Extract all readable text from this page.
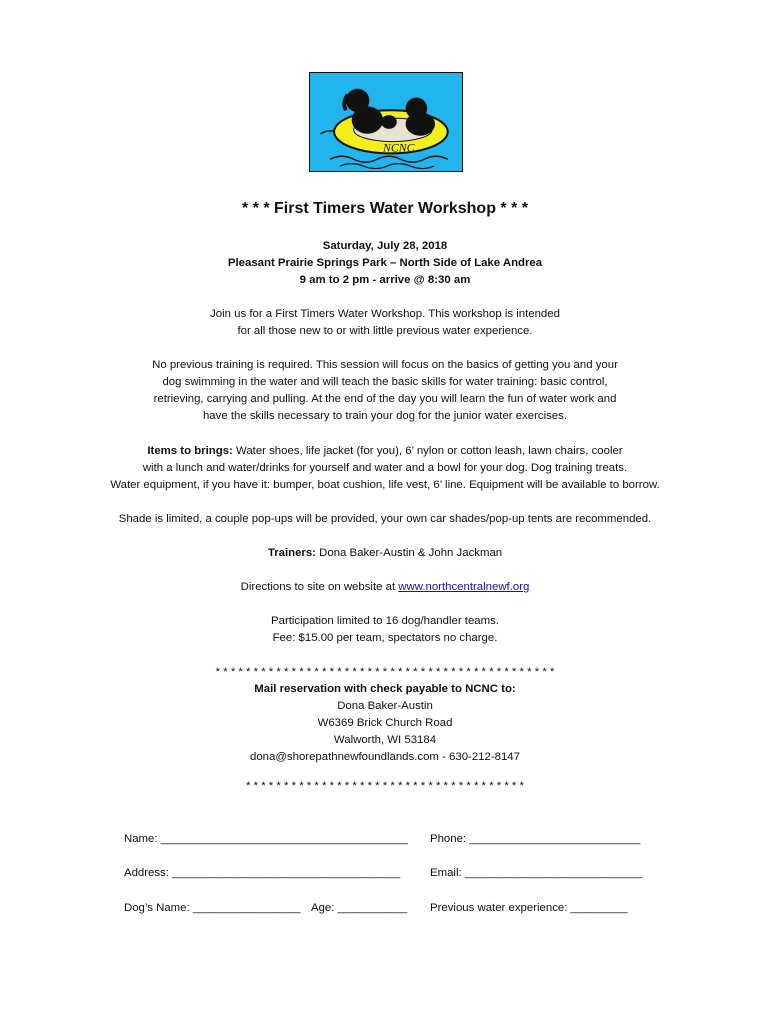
NCNC
* * * First Timers Water Workshop * * *
Saturday, July 28, 2018
Pleasant Prairie Springs Park – North Side of Lake Andrea
9 am to 2 pm - arrive @ 8:30 am
Join us for a First Timers Water Workshop. This workshop is intended
for all those new to or with little previous water experience.
No previous training is required. This session will focus on the basics of getting you and your
dog swimming in the water and will teach the basic skills for water training: basic control,
retrieving, carrying and pulling. At the end of the day you will learn the fun of water work and
have the skills necessary to train your dog for the junior water exercises.
Items to brings: Water shoes, life jacket (for you), 6’ nylon or cotton leash, lawn chairs, cooler
with a lunch and water/drinks for yourself and water and a bowl for your dog. Dog training treats.
Water equipment, if you have it: bumper, boat cushion, life vest, 6’ line. Equipment will be available to borrow.
Shade is limited, a couple pop-ups will be provided, your own car shades/pop-up tents are recommended.
Trainers: Dona Baker-Austin & John Jackman
Directions to site on website at www.northcentralnewf.org
Participation limited to 16 dog/handler teams.
Fee: $15.00 per team, spectators no charge.
* * * * * * * * * * * * * * * * * * * * * * * * * * * * * * * * * * * * * * * * * * * * *
Mail reservation with check payable to NCNC to:
Dona Baker-Austin
W6369 Brick Church Road
Walworth, WI 53184
dona@shorepathnewfoundlands.com - 630-212-8147
* * * * * * * * * * * * * * * * * * * * * * * * * * * * * * * * * * * * *
Name: _______________________________________ Phone: ___________________________
Address: ____________________________________	Email: ____________________________
Dog’s Name: _________________ Age: ___________ Previous water experience: _________
